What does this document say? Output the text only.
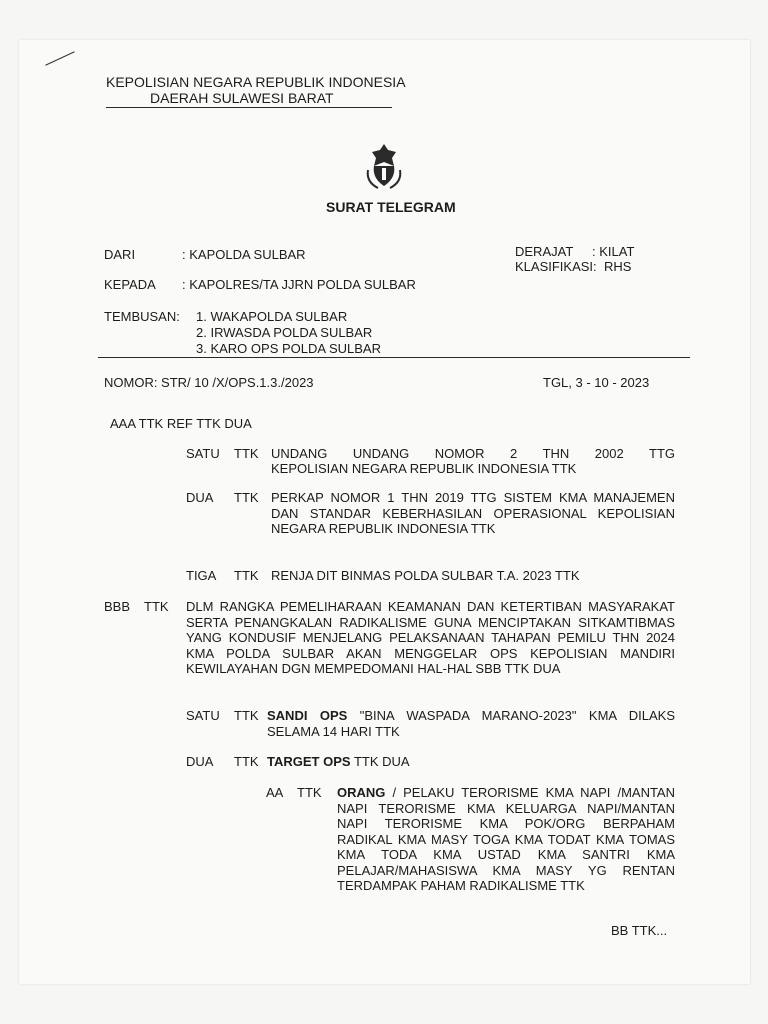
KEPOLISIAN NEGARA REPUBLIK INDONESIA
DAERAH SULAWESI BARAT
SURAT TELEGRAM
DARI	: KAPOLDA SULBAR	DERAJAT : KILAT
KLASIFIKASI: RHS
KEPADA : KAPOLRES/TA JJRN POLDA SULBAR
TEMBUSAN: 1. WAKAPOLDA SULBAR
2. IRWASDA POLDA SULBAR
3. KARO OPS POLDA SULBAR
NOMOR: STR/ 10 /X/OPS.1.3./2023	TGL, 3 - 10 - 2023
AAA TTK REF TTK DUA
SATU TTK UNDANG UNDANG NOMOR 2 THN 2002 TTG
KEPOLISIAN NEGARA REPUBLIK INDONESIA TTK
DUA TTK PERKAP NOMOR 1 THN 2019 TTG SISTEM KMA MANAJEMEN DAN STANDAR KEBERHASILAN OPERASIONAL KEPOLISIAN NEGARA REPUBLIK INDONESIA TTK
TIGA TTK RENJA DIT BINMAS POLDA SULBAR T.A. 2023 TTK
BBB TTK DLM RANGKA PEMELIHARAAN KEAMANAN DAN KETERTIBAN MASYARAKAT SERTA PENANGKALAN RADIKALISME GUNA MENCIPTAKAN SITKAMTIBMAS YANG KONDUSIF MENJELANG PELAKSANAAN TAHAPAN PEMILU THN 2024 KMA POLDA SULBAR AKAN MENGGELAR OPS KEPOLISIAN MANDIRI KEWILAYAHAN DGN MEMPEDOMANI HAL-HAL SBB TTK DUA
SATU TTK SANDI OPS "BINA WASPADA MARANO-2023" KMA DILAKS SELAMA 14 HARI TTK
DUA TTK TARGET OPS TTK DUA
AA TTK ORANG / PELAKU TERORISME KMA NAPI /MANTAN NAPI TERORISME KMA KELUARGA NAPI/MANTAN NAPI TERORISME KMA POK/ORG BERPAHAM RADIKAL KMA MASY TOGA KMA TODAT KMA TOMAS KMA TODA KMA USTAD KMA SANTRI KMA PELAJAR/MAHASISWA KMA MASY YG RENTAN TERDAMPAK PAHAM RADIKALISME TTK
BB TTK...
